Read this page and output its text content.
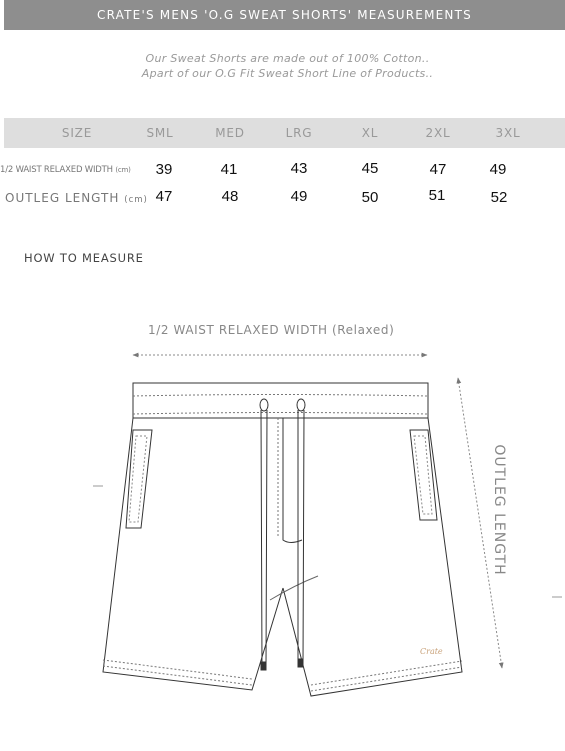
CRATE'S MENS 'O.G SWEAT SHORTS' MEASUREMENTS
Our Sweat Shorts are made out of 100% Cotton..
Apart of our O.G Fit Sweat Short Line of Products..
SIZE	SML	MED	LRG	XL	2XL	3XL
1/2 WAIST RELAXED WIDTH (cm) 39	41	43	45	47	49
OUTLEG LENGTH (cm) 47	48	49	50	51	52
HOW TO MEASURE
1/2 WAIST RELAXED WIDTH (Relaxed)
OUTLEG LENGTH
Crate
